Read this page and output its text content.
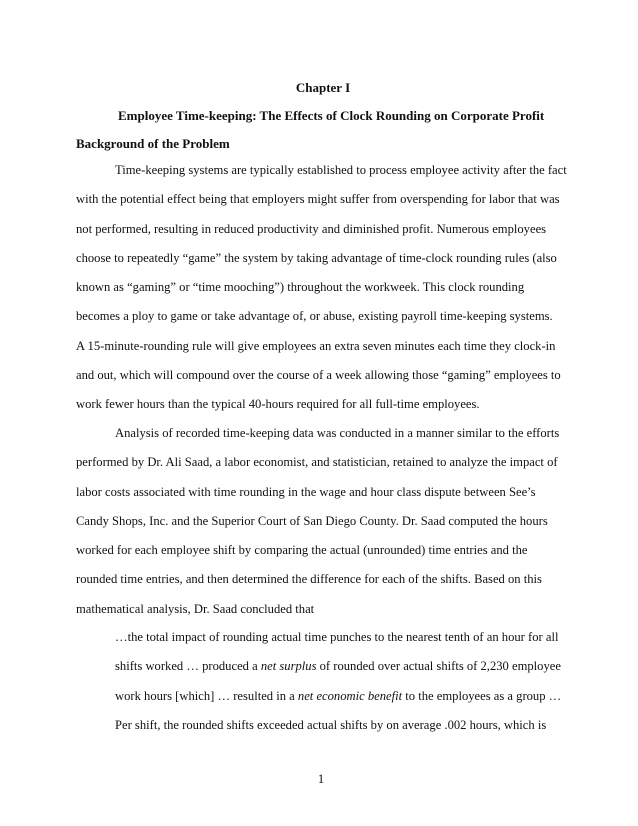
Chapter I
Employee Time-keeping: The Effects of Clock Rounding on Corporate Profit
Background of the Problem
Time-keeping systems are typically established to process employee activity after the fact
with the potential effect being that employers might suffer from overspending for labor that was
not performed, resulting in reduced productivity and diminished profit. Numerous employees
choose to repeatedly “game” the system by taking advantage of time-clock rounding rules (also
known as “gaming” or “time mooching”) throughout the workweek. This clock rounding
becomes a ploy to game or take advantage of, or abuse, existing payroll time-keeping systems.
A 15-minute-rounding rule will give employees an extra seven minutes each time they clock-in
and out, which will compound over the course of a week allowing those “gaming” employees to
work fewer hours than the typical 40-hours required for all full-time employees.
Analysis of recorded time-keeping data was conducted in a manner similar to the efforts
performed by Dr. Ali Saad, a labor economist, and statistician, retained to analyze the impact of
labor costs associated with time rounding in the wage and hour class dispute between See’s
Candy Shops, Inc. and the Superior Court of San Diego County. Dr. Saad computed the hours
worked for each employee shift by comparing the actual (unrounded) time entries and the
rounded time entries, and then determined the difference for each of the shifts. Based on this
mathematical analysis, Dr. Saad concluded that
…the total impact of rounding actual time punches to the nearest tenth of an hour for all
shifts worked … produced a net surplus of rounded over actual shifts of 2,230 employee
work hours [which] … resulted in a net economic benefit to the employees as a group …
Per shift, the rounded shifts exceeded actual shifts by on average .002 hours, which is
1
